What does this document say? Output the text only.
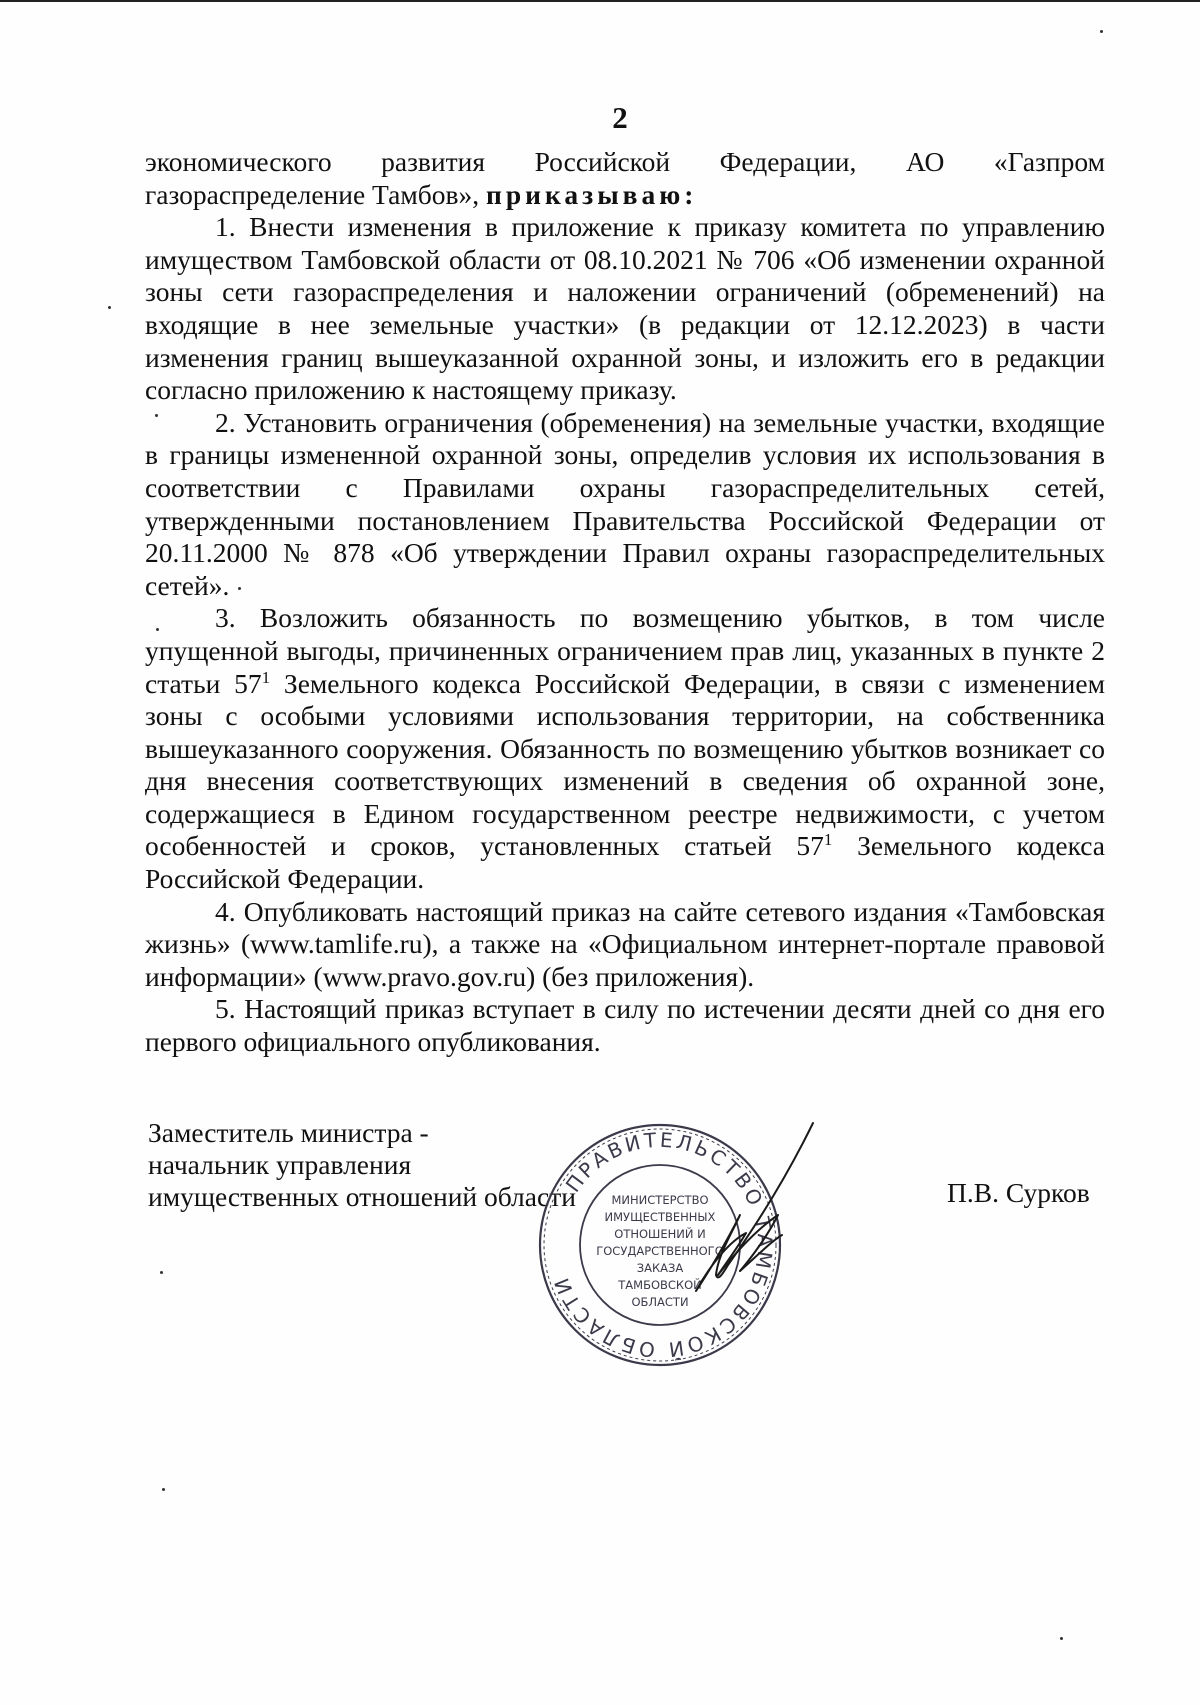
2

экономического развития Российской Федерации, АО «Газпром газораспределение Тамбов», приказываю:

1. Внести изменения в приложение к приказу комитета по управлению имуществом Тамбовской области от 08.10.2021 № 706 «Об изменении охранной зоны сети газораспределения и наложении ограничений (обременений) на входящие в нее земельные участки» (в редакции от 12.12.2023) в части изменения границ вышеуказанной охранной зоны, и изложить его в редакции согласно приложению к настоящему приказу.

2. Установить ограничения (обременения) на земельные участки, входящие в границы измененной охранной зоны, определив условия их использования в соответствии с Правилами охраны газораспределительных сетей, утвержденными постановлением Правительства Российской Федерации от 20.11.2000 № 878 «Об утверждении Правил охраны газораспределительных сетей».

3. Возложить обязанность по возмещению убытков, в том числе упущенной выгоды, причиненных ограничением прав лиц, указанных в пункте 2 статьи $57^1$ Земельного кодекса Российской Федерации, в связи с изменением зоны с особыми условиями использования территории, на собственника вышеуказанного сооружения. Обязанность по возмещению убытков возникает со дня внесения соответствующих изменений в сведения об охранной зоне, содержащиеся в Едином государственном реестре недвижимости, с учетом особенностей и сроков, установленных статьей $57^1$ Земельного кодекса Российской Федерации.

4. Опубликовать настоящий приказ на сайте сетевого издания «Тамбовская жизнь» (www.tamlife.ru), а также на «Официальном интернет-портале правовой информации» (www.pravo.gov.ru) (без приложения).

5. Настоящий приказ вступает в силу по истечении десяти дней со дня его первого официального опубликования.

Заместитель министра -
начальник управления
имущественных отношений области	П.В. Сурков
ПРАВИТЕЛЬСТВО ТАМБОВСКОЙ ОБЛАСТИ
МИНИСТЕРСТВО
ИМУЩЕСТВЕННЫХ
ОТНОШЕНИЙ И
ГОСУДАРСТВЕННОГО
ЗАКАЗА
ТАМБОВСКОЙ
ОБЛАСТИ
